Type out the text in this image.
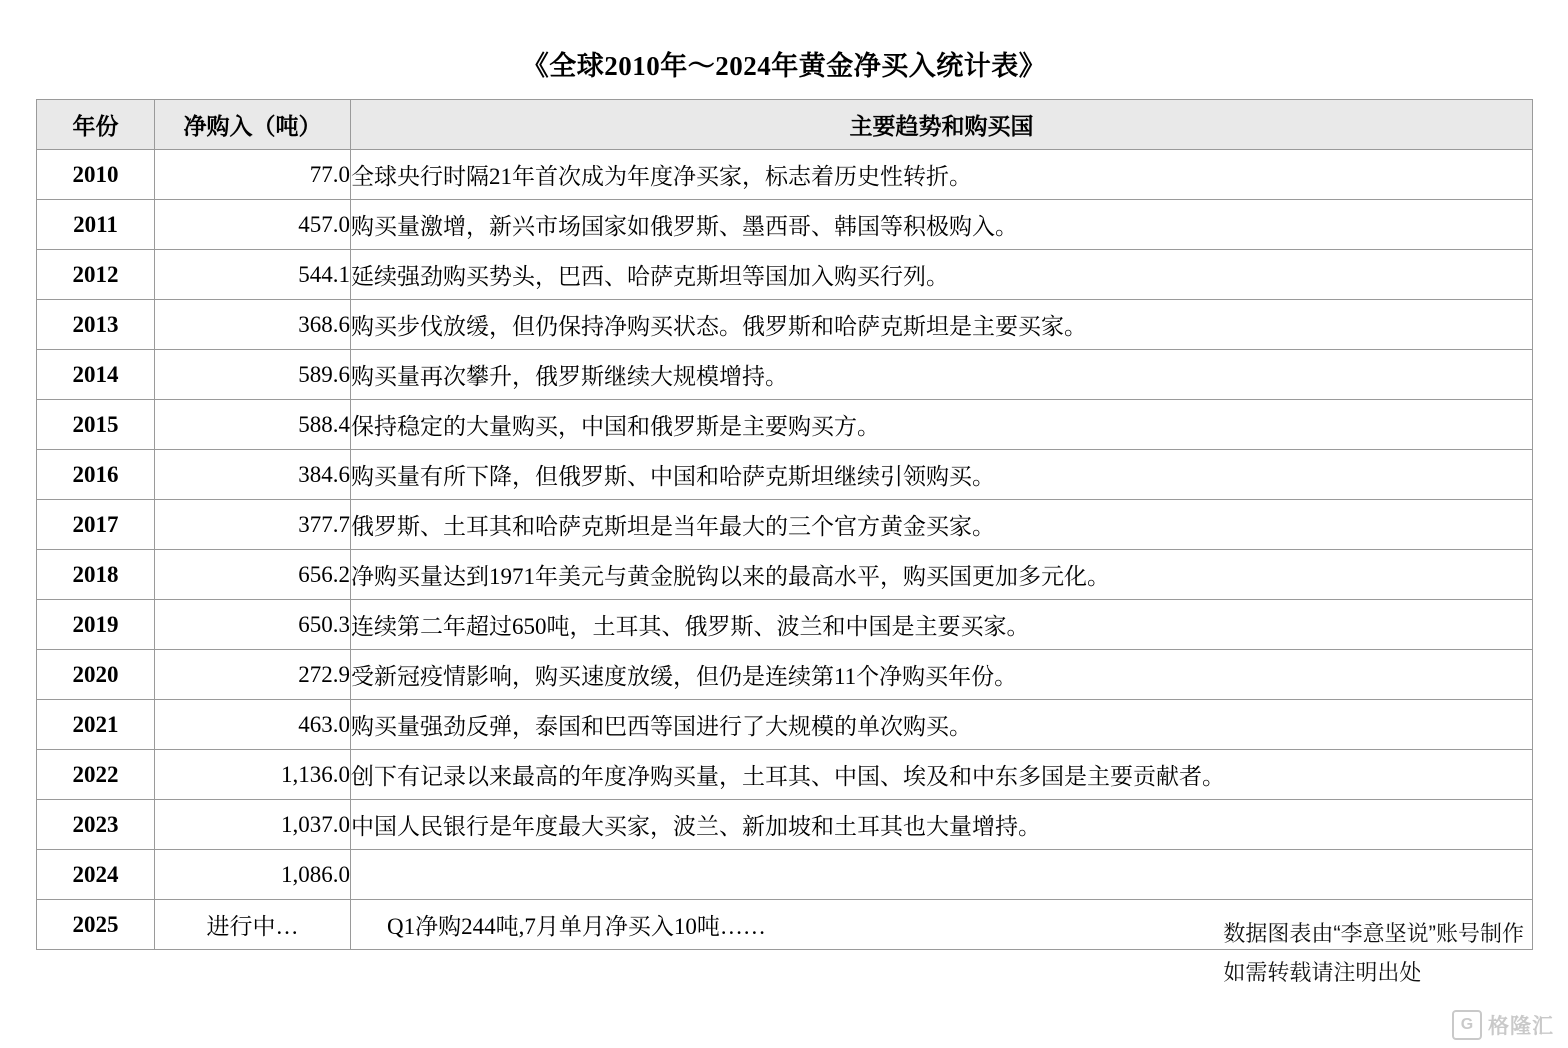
《全球2010年～2024年黄金净买入统计表》
年份	净购入（吨）	主要趋势和购买国
2010	77.0	全球央行时隔21年首次成为年度净买家，标志着历史性转折。
2011	457.0	购买量激增，新兴市场国家如俄罗斯、墨西哥、韩国等积极购入。
2012	544.1	延续强劲购买势头，巴西、哈萨克斯坦等国加入购买行列。
2013	368.6	购买步伐放缓，但仍保持净购买状态。俄罗斯和哈萨克斯坦是主要买家。
2014	589.6	购买量再次攀升，俄罗斯继续大规模增持。
2015	588.4	保持稳定的大量购买，中国和俄罗斯是主要购买方。
2016	384.6	购买量有所下降，但俄罗斯、中国和哈萨克斯坦继续引领购买。
2017	377.7	俄罗斯、土耳其和哈萨克斯坦是当年最大的三个官方黄金买家。
2018	656.2	净购买量达到1971年美元与黄金脱钩以来的最高水平，购买国更加多元化。
2019	650.3	连续第二年超过650吨，土耳其、俄罗斯、波兰和中国是主要买家。
2020	272.9	受新冠疫情影响，购买速度放缓，但仍是连续第11个净购买年份。
2021	463.0	购买量强劲反弹，泰国和巴西等国进行了大规模的单次购买。
2022	1,136.0	创下有记录以来最高的年度净购买量，土耳其、中国、埃及和中东多国是主要贡献者。
2023	1,037.0	中国人民银行是年度最大买家，波兰、新加坡和土耳其也大量增持。
2024	1,086.0	
2025	进行中…	Q1净购244吨,7月单月净买入10吨……	数据图表由“李意坚说”账号制作
如需转载请注明出处
G 格隆汇
